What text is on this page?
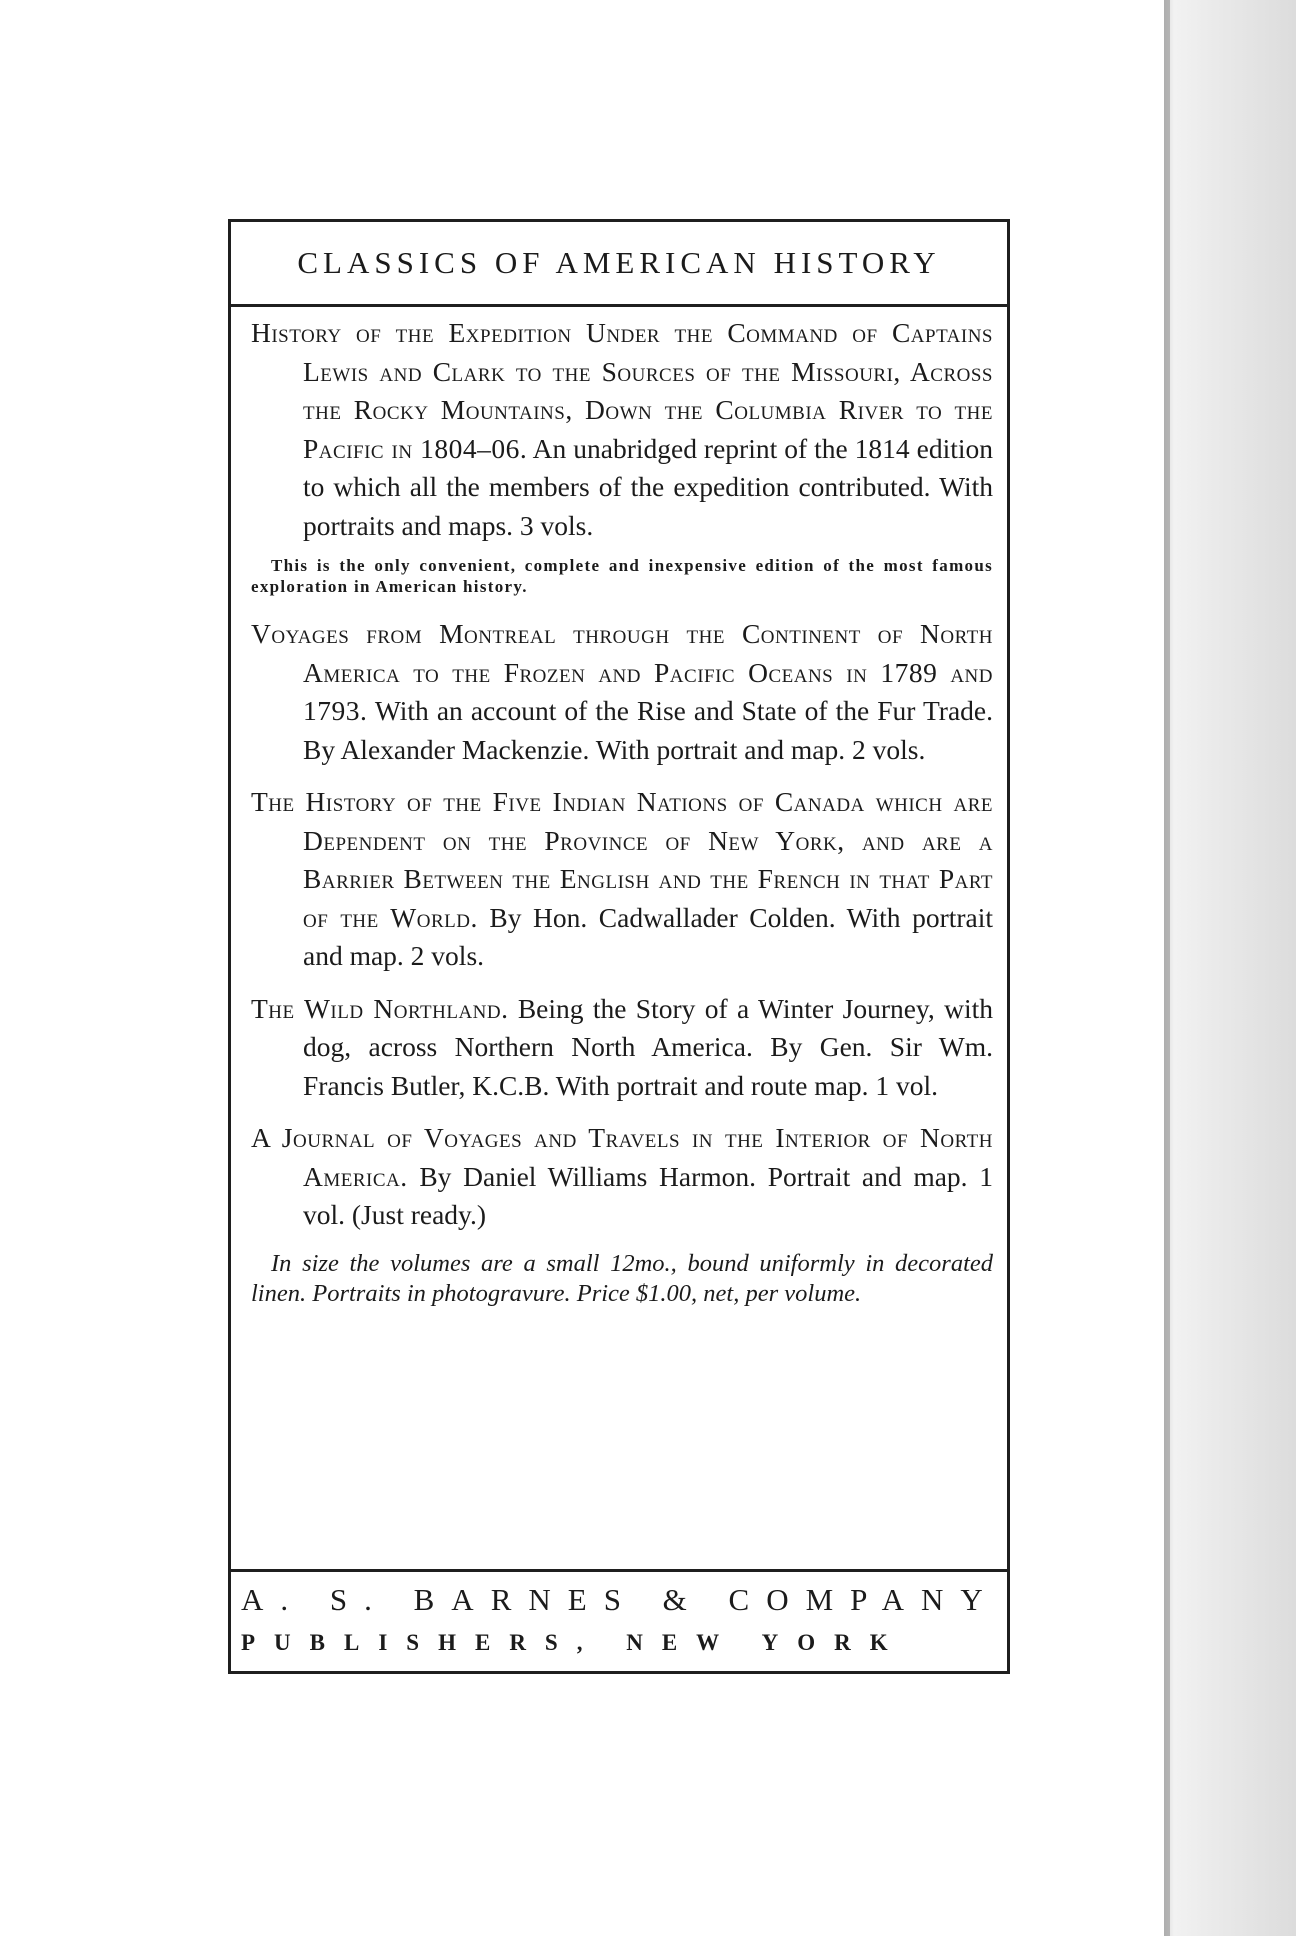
CLASSICS OF AMERICAN HISTORY

History of the Expedition Under the Command of Captains Lewis and Clark to the Sources of the Missouri, Across the Rocky Mountains, Down the Columbia River to the Pacific in 1804–06. An unabridged reprint of the 1814 edition to which all the members of the expedition contributed. With portraits and maps. 3 vols.

This is the only convenient, complete and inexpensive edition of the most famous exploration in American history.

Voyages from Montreal through the Continent of North America to the Frozen and Pacific Oceans in 1789 and 1793. With an account of the Rise and State of the Fur Trade. By Alexander Mackenzie. With portrait and map. 2 vols.

The History of the Five Indian Nations of Canada which are Dependent on the Province of New York, and are a Barrier Between the English and the French in that Part of the World. By Hon. Cadwallader Colden. With portrait and map. 2 vols.

The Wild Northland. Being the Story of a Winter Journey, with dog, across Northern North America. By Gen. Sir Wm. Francis Butler, K.C.B. With portrait and route map. 1 vol.

A Journal of Voyages and Travels in the Interior of North America. By Daniel Williams Harmon. Portrait and map. 1 vol. (Just ready.)

In size the volumes are a small 12mo., bound uniformly in decorated linen. Portraits in photogravure. Price $1.00, net, per volume.

A. S. BARNES & COMPANY
PUBLISHERS, NEW YORK
